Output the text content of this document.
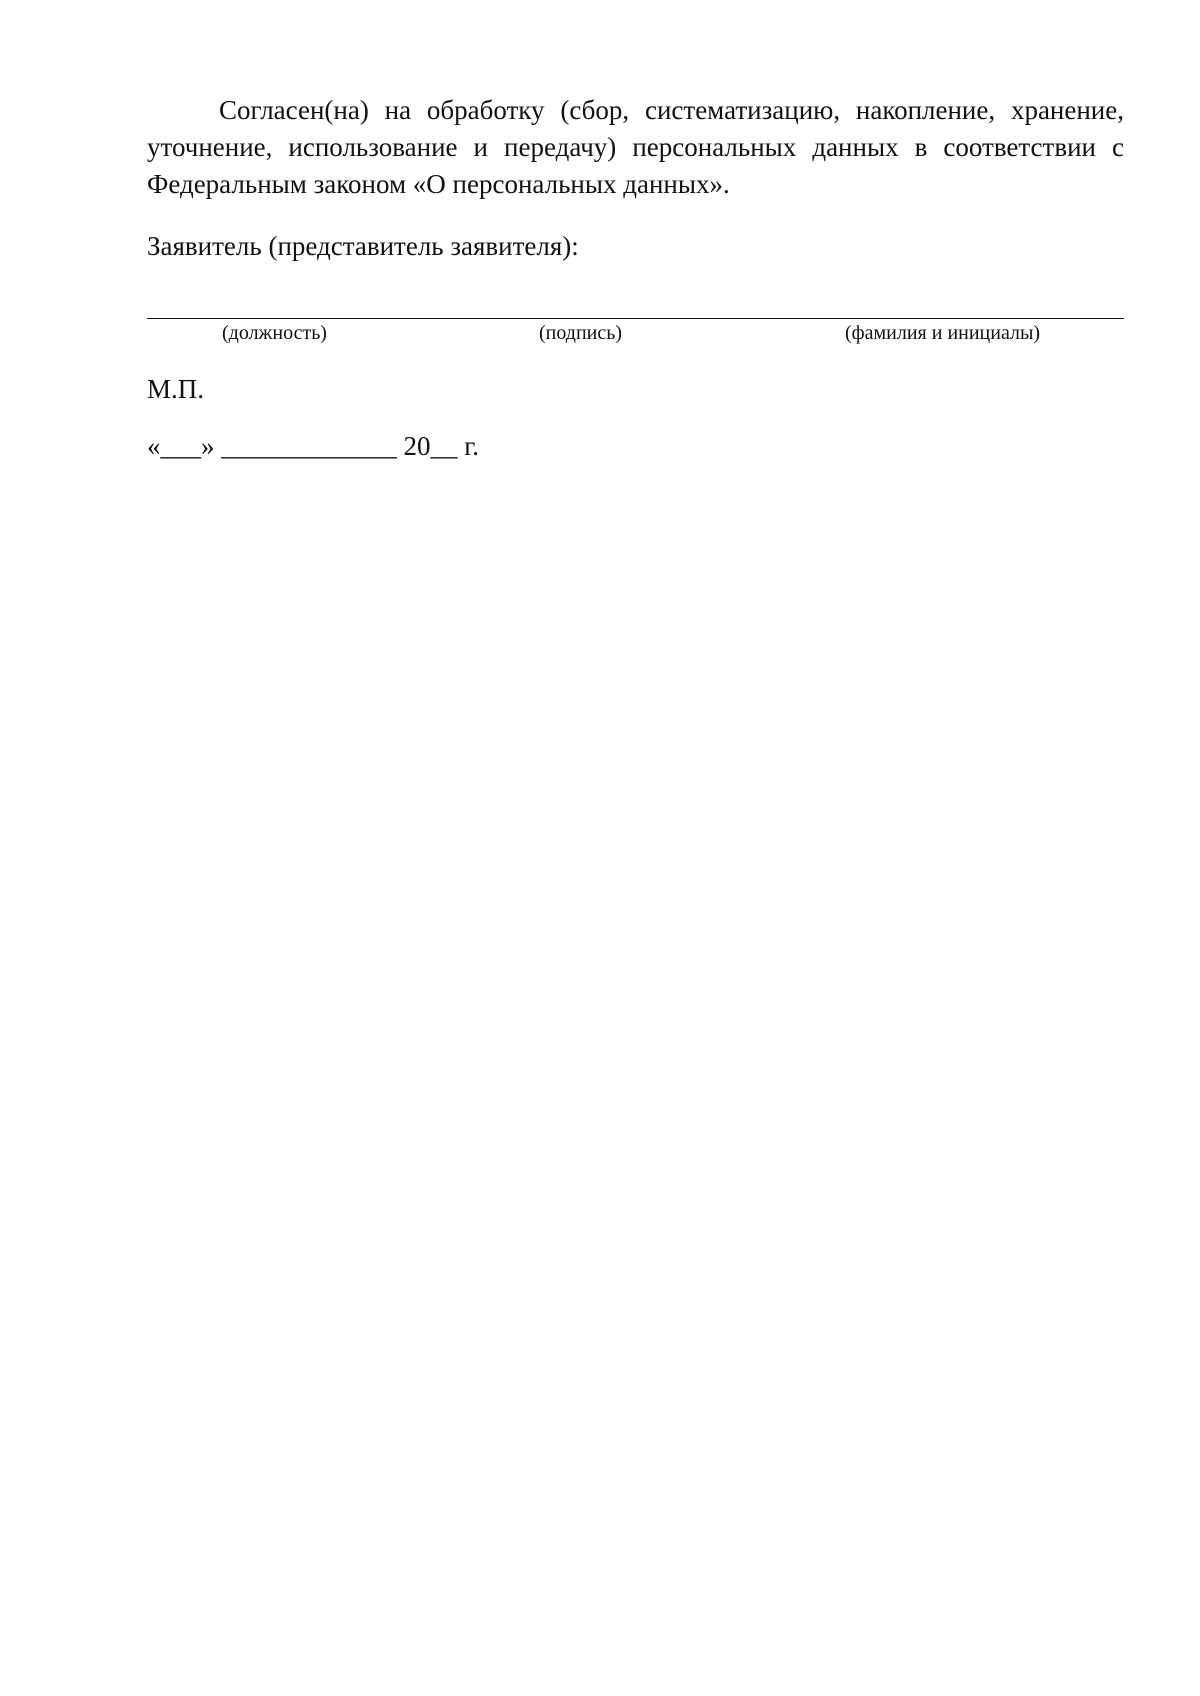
Согласен(на) на обработку (сбор, систематизацию, накопление, хранение, уточнение, использование и передачу) персональных данных в соответствии с Федеральным законом «О персональных данных».

Заявитель (представитель заявителя):

(должность)	(подпись)	(фамилия и инициалы)

М.П.

«___» _____________ 20__ г.
